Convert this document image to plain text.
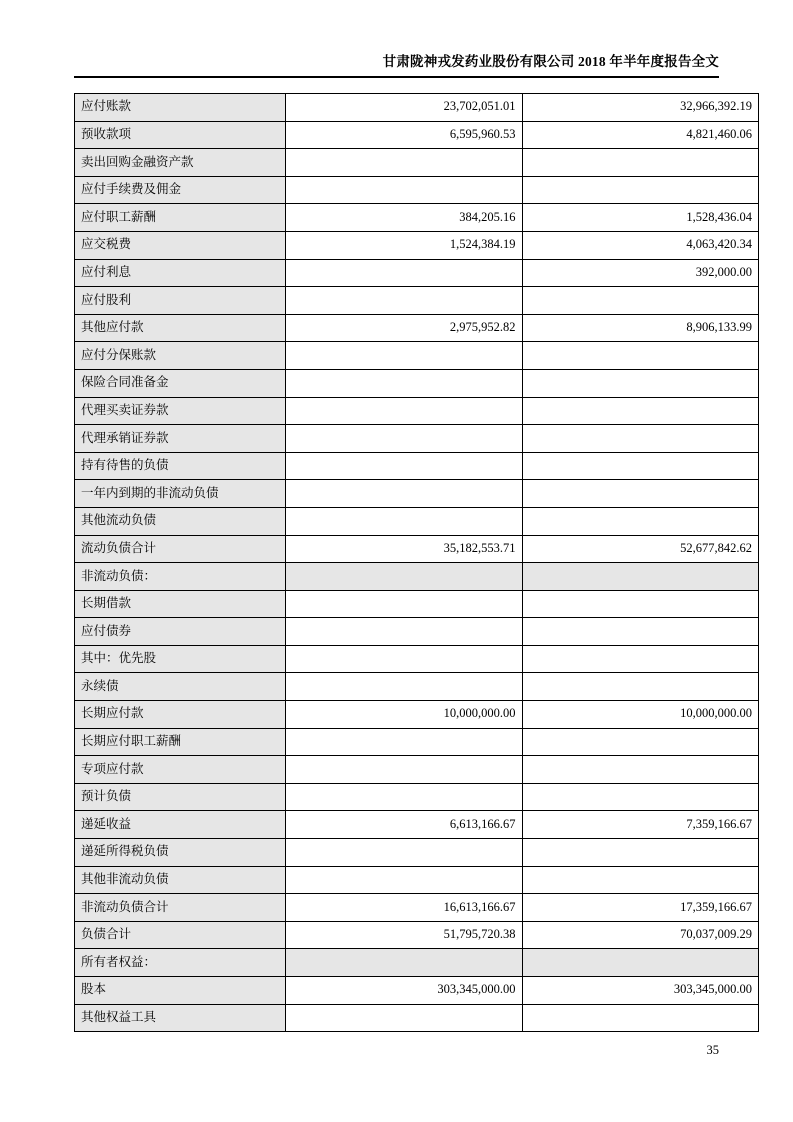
甘肃陇神戎发药业股份有限公司 2018 年半年度报告全文
应付账款	23,702,051.01	32,966,392.19
预收款项	6,595,960.53	4,821,460.06
卖出回购金融资产款		
应付手续费及佣金		
应付职工薪酬	384,205.16	1,528,436.04
应交税费	1,524,384.19	4,063,420.34
应付利息		392,000.00
应付股利		
其他应付款	2,975,952.82	8,906,133.99
应付分保账款		
保险合同准备金		
代理买卖证券款		
代理承销证券款		
持有待售的负债		
一年内到期的非流动负债		
其他流动负债		
流动负债合计	35,182,553.71	52,677,842.62
非流动负债：		
长期借款		
应付债券		
其中：优先股		
永续债		
长期应付款	10,000,000.00	10,000,000.00
长期应付职工薪酬		
专项应付款		
预计负债		
递延收益	6,613,166.67	7,359,166.67
递延所得税负债		
其他非流动负债		
非流动负债合计	16,613,166.67	17,359,166.67
负债合计	51,795,720.38	70,037,009.29
所有者权益：		
股本	303,345,000.00	303,345,000.00
其他权益工具		
35
